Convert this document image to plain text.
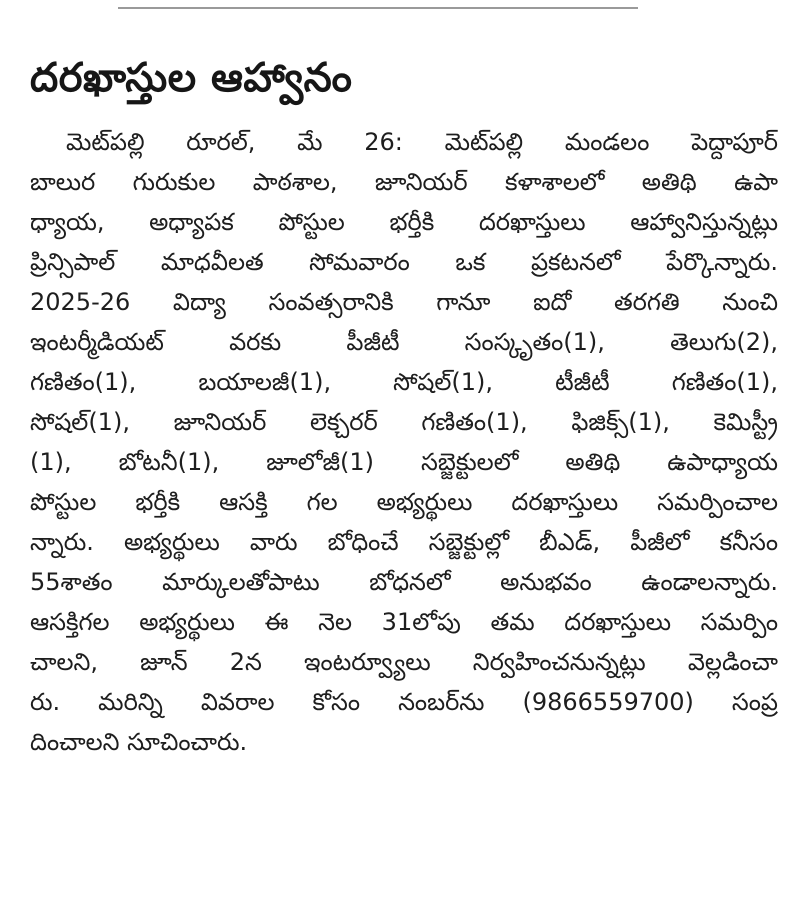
దరఖాస్తుల ఆహ్వానం
మెట్‌పల్లి రూరల్, మే 26: మెట్‌పల్లి మండలం పెద్దాపూర్
బాలుర గురుకుల పాఠశాల, జూనియర్ కళాశాలలో అతిథి ఉపా
ధ్యాయ, అధ్యాపక పోస్టుల భర్తీకి దరఖాస్తులు ఆహ్వానిస్తున్నట్లు
ప్రిన్సిపాల్ మాధవీలత సోమవారం ఒక ప్రకటనలో పేర్కొన్నారు.
2025-26 విద్యా సంవత్సరానికి గానూ ఐదో తరగతి నుంచి
ఇంటర్మీడియట్ వరకు పీజీటీ సంస్కృతం(1), తెలుగు(2),
గణితం(1), బయాలజీ(1), సోషల్(1), టీజీటీ గణితం(1),
సోషల్(1), జూనియర్ లెక్చరర్ గణితం(1), ఫిజిక్స్(1), కెమిస్ట్రీ
(1), బోటనీ(1), జూలోజీ(1) సబ్జెక్టులలో అతిథి ఉపాధ్యాయ
పోస్టుల భర్తీకి ఆసక్తి గల అభ్యర్థులు దరఖాస్తులు సమర్పించాల
న్నారు. అభ్యర్థులు వారు బోధించే సబ్జెక్టుల్లో బీఎడ్, పీజీలో కనీసం
55శాతం మార్కులతోపాటు బోధనలో అనుభవం ఉండాలన్నారు.
ఆసక్తిగల అభ్యర్థులు ఈ నెల 31లోపు తమ దరఖాస్తులు సమర్పిం
చాలని, జూన్ 2న ఇంటర్వ్యూలు నిర్వహించనున్నట్లు వెల్లడించా
రు. మరిన్ని వివరాల కోసం నంబర్‌ను (9866559700) సంప్ర
దించాలని సూచించారు.
